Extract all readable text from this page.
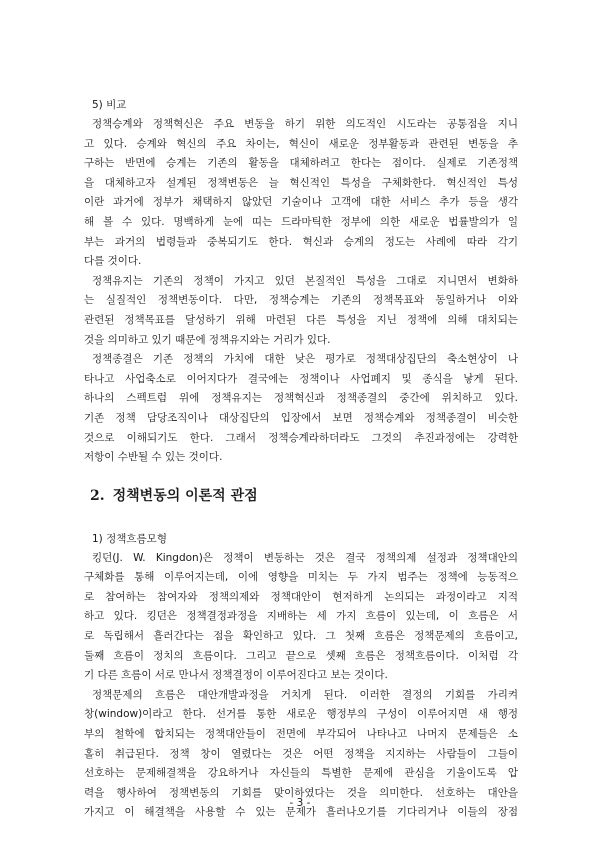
5) 비교

정책승계와 정책혁신은 주요 변동을 하기 위한 의도적인 시도라는 공통점을 지니

고 있다. 승계와 혁신의 주요 차이는, 혁신이 새로운 정부활동과 관련된 변동을 추

구하는 반면에 승계는 기존의 활동을 대체하려고 한다는 점이다. 실제로 기존정책

을 대체하고자 설계된 정책변동은 늘 혁신적인 특성을 구체화한다. 혁신적인 특성

이란 과거에 정부가 채택하지 않았던 기술이나 고객에 대한 서비스 추가 등을 생각

해 볼 수 있다. 명백하게 눈에 띠는 드라마틱한 정부에 의한 새로운 법률발의가 일

부는 과거의 법령들과 중복되기도 한다. 혁신과 승계의 정도는 사례에 따라 각기

다를 것이다.

정책유지는 기존의 정책이 가지고 있던 본질적인 특성을 그대로 지니면서 변화하

는 실질적인 정책변동이다. 다만, 정책승계는 기존의 정책목표와 동일하거나 이와

관련된 정책목표를 달성하기 위해 마련된 다른 특성을 지닌 정책에 의해 대치되는

것을 의미하고 있기 때문에 정책유지와는 거리가 있다.

정책종결은 기존 정책의 가치에 대한 낮은 평가로 정책대상집단의 축소현상이 나

타나고 사업축소로 이어지다가 결국에는 정책이나 사업폐지 및 종식을 낳게 된다.

하나의 스펙트럼 위에 정책유지는 정책혁신과 정책종결의 중간에 위치하고 있다.

기존 정책 담당조직이나 대상집단의 입장에서 보면 정책승계와 정책종결이 비슷한

것으로 이해되기도 한다. 그래서 정책승계라하더라도 그것의 추진과정에는 강력한

저항이 수반될 수 있는 것이다.

2. 정책변동의 이론적 관점
1) 정책흐름모형

킹던(J. W. Kingdon)은 정책이 변동하는 것은 결국 정책의제 설정과 정책대안의

구체화를 통해 이루어지는데, 이에 영향을 미치는 두 가지 범주는 정책에 능동적으

로 참여하는 참여자와 정책의제와 정책대안이 현저하게 논의되는 과정이라고 지적

하고 있다. 킹던은 정책결정과정을 지배하는 세 가지 흐름이 있는데, 이 흐름은 서

로 독립해서 흘러간다는 점을 확인하고 있다. 그 첫째 흐름은 정책문제의 흐름이고,

둘째 흐름이 정치의 흐름이다. 그리고 끝으로 셋째 흐름은 정책흐름이다. 이처럼 각

기 다른 흐름이 서로 만나서 정책결정이 이루어진다고 보는 것이다.

정책문제의 흐름은 대안개발과정을 거치게 된다. 이러한 결정의 기회를 가리켜

창(window)이라고 한다. 선거를 통한 새로운 행정부의 구성이 이루어지면 새 행정

부의 철학에 합치되는 정책대안들이 전면에 부각되어 나타나고 나머지 문제들은 소

홀히 취급된다. 정책 창이 열렸다는 것은 어떤 정책을 지지하는 사람들이 그들이

선호하는 문제해결책을 강요하거나 자신들의 특별한 문제에 관심을 기울이도록 압

력을 행사하여 정책변동의 기회를 맞이하였다는 것을 의미한다. 선호하는 대안을

가지고 이 해결책을 사용할 수 있는 문제가 흘러나오기를 기다리거나 이들의 장점

- 3 -
